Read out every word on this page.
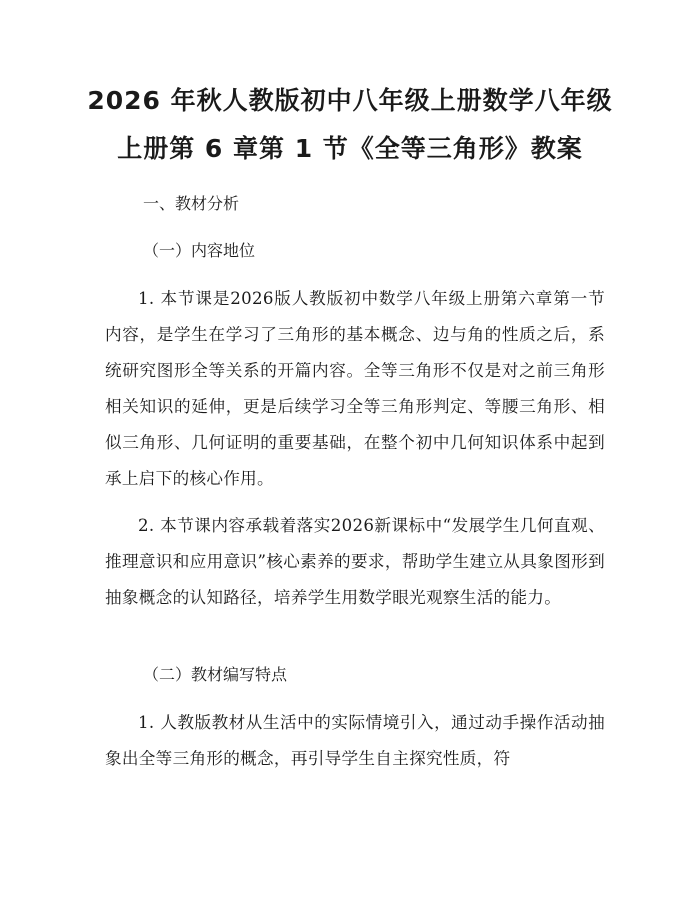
2026 年秋人教版初中八年级上册数学八年级
上册第 6 章第 1 节《全等三角形》教案

一、教材分析

（一）内容地位

1. 本节课是2026版人教版初中数学八年级上册第六章第一节内容，是学生在学习了三角形的基本概念、边与角的性质之后，系统研究图形全等关系的开篇内容。全等三角形不仅是对之前三角形相关知识的延伸，更是后续学习全等三角形判定、等腰三角形、相似三角形、几何证明的重要基础，在整个初中几何知识体系中起到承上启下的核心作用。

2. 本节课内容承载着落实2026新课标中“发展学生几何直观、推理意识和应用意识”核心素养的要求，帮助学生建立从具象图形到抽象概念的认知路径，培养学生用数学眼光观察生活的能力。

（二）教材编写特点

1. 人教版教材从生活中的实际情境引入，通过动手操作活动抽象出全等三角形的概念，再引导学生自主探究性质，符
